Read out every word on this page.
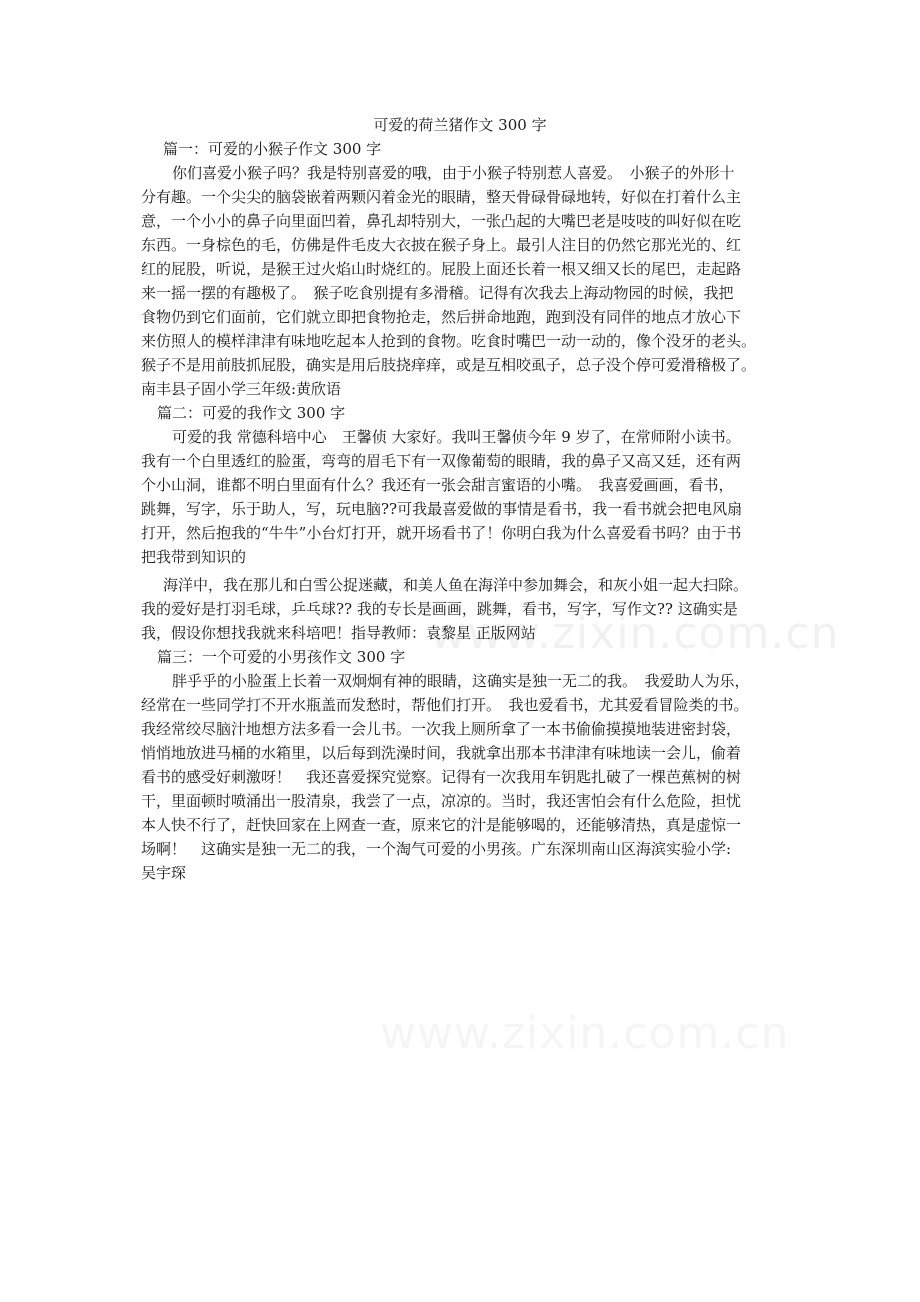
www.zixin.com.cn
可爱的荷兰猪作文 300 字
篇一：可爱的小猴子作文 300 字
你们喜爱小猴子吗？我是特别喜爱的哦，由于小猴子特别惹人喜爱。　小猴子的外形十
分有趣。一个尖尖的脑袋嵌着两颗闪着金光的眼睛，整天骨碌骨碌地转，好似在打着什么主
意，一个小小的鼻子向里面凹着，鼻孔却特别大，一张凸起的大嘴巴老是吱吱的叫好似在吃
东西。一身棕色的毛，仿佛是件毛皮大衣披在猴子身上。最引人注目的仍然它那光光的、红
红的屁股，听说，是猴王过火焰山时烧红的。屁股上面还长着一根又细又长的尾巴，走起路
来一摇一摆的有趣极了。　猴子吃食别提有多滑稽。记得有次我去上海动物园的时候，我把
食物仍到它们面前，它们就立即把食物抢走，然后拼命地跑，跑到没有同伴的地点才放心下
来仿照人的模样津津有味地吃起本人抢到的食物。吃食时嘴巴一动一动的，像个没牙的老头。
猴子不是用前肢抓屁股，确实是用后肢挠痒痒，或是互相咬虱子，总子没个停可爱滑稽极了。
南丰县子固小学三年级:黄欣语
篇二：可爱的我作文 300 字
可爱的我 常德科培中心　王馨侦 大家好。我叫王馨侦今年 9 岁了，在常师附小读书。
我有一个白里透红的脸蛋，弯弯的眉毛下有一双像葡萄的眼睛，我的鼻子又高又廷，还有两
个小山洞，谁都不明白里面有什么？我还有一张会甜言蜜语的小嘴。　我喜爱画画，看书，
跳舞，写字，乐于助人，写，玩电脑??可我最喜爱做的事情是看书，我一看书就会把电风扇
打开，然后抱我的“牛牛”小台灯打开，就开场看书了！你明白我为什么喜爱看书吗？由于书
把我带到知识的
海洋中，我在那儿和白雪公捉迷藏，和美人鱼在海洋中参加舞会，和灰小姐一起大扫除。
我的爱好是打羽毛球，乒乓球?? 我的专长是画画，跳舞，看书，写字，写作文?? 这确实是
我，假设你想找我就来科培吧！指导教师：袁黎星 正版网站
篇三：一个可爱的小男孩作文 300 字
胖乎乎的小脸蛋上长着一双炯炯有神的眼睛，这确实是独一无二的我。　我爱助人为乐，
经常在一些同学打不开水瓶盖而发愁时，帮他们打开。　我也爱看书，尤其爱看冒险类的书。
我经常绞尽脑汁地想方法多看一会儿书。一次我上厕所拿了一本书偷偷摸摸地装进密封袋，
悄悄地放进马桶的水箱里，以后每到洗澡时间，我就拿出那本书津津有味地读一会儿，偷着
看书的感受好刺激呀！　我还喜爱探究觉察。记得有一次我用车钥匙扎破了一棵芭蕉树的树
干，里面顿时喷涌出一股清泉，我尝了一点，凉凉的。当时，我还害怕会有什么危险，担忧
本人快不行了，赶快回家在上网查一查，原来它的汁是能够喝的，还能够清热，真是虚惊一
场啊！　这确实是独一无二的我，一个淘气可爱的小男孩。广东深圳南山区海滨实验小学:
吴宇琛
